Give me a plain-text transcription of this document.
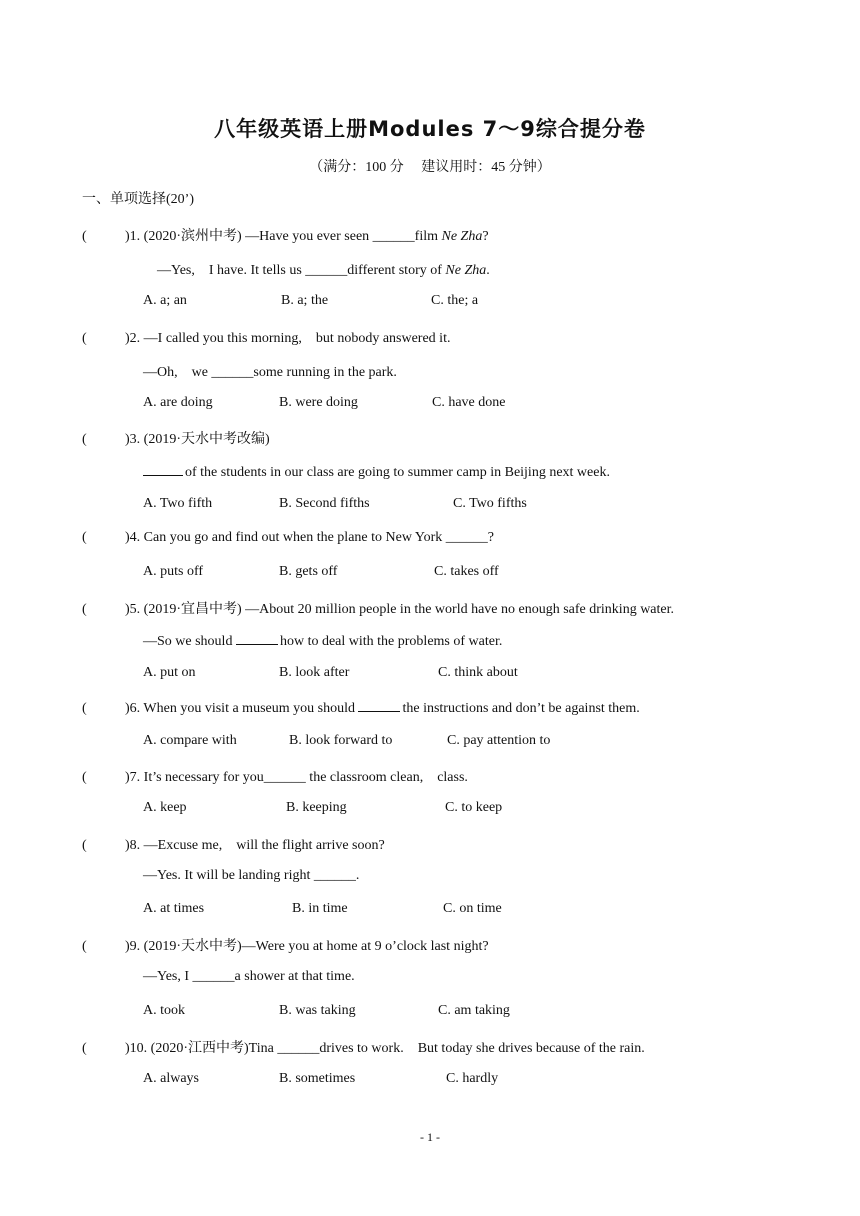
八年级英语上册Modules 7～9综合提分卷
（满分：100 分　 建议用时：45 分钟）
一、单项选择(20’)
(	)1. (2020·滨州中考) —Have you ever seen ______film Ne Zha?
—Yes,　I have. It tells us ______different story of Ne Zha.
A. a; an	B. a; the	C. the; a
(	)2. —I called you this morning,　but nobody answered it.
—Oh,　we ______some running in the park.
A. are doing	B. were doing	C. have done
(	)3. (2019·天水中考改编)
of the students in our class are going to summer camp in Beijing next week.
A. Two fifth	B. Second fifths	C. Two fifths
(	)4. Can you go and find out when the plane to New York ______?
A. puts off	B. gets off	C. takes off
(	)5. (2019·宜昌中考) —About 20 million people in the world have no enough safe drinking water.
—So we should	how to deal with the problems of water.
A. put on	B. look after	C. think about
(	)6. When you visit a museum you should	the instructions and don’t be against them.
A. compare with	B. look forward to	C. pay attention to
(	)7. It’s necessary for you______ the classroom clean,　class.
A. keep	B. keeping	C. to keep
(	)8. —Excuse me,　will the flight arrive soon?
—Yes. It will be landing right ______.
A. at times	B. in time	C. on time
(	)9. (2019·天水中考)—Were you at home at 9 o’clock last night?
—Yes, I ______a shower at that time.
A. took	B. was taking	C. am taking
(	)10. (2020·江西中考)Tina ______drives to work.　But today she drives because of the rain.
A. always	B. sometimes	C. hardly
- 1 -
